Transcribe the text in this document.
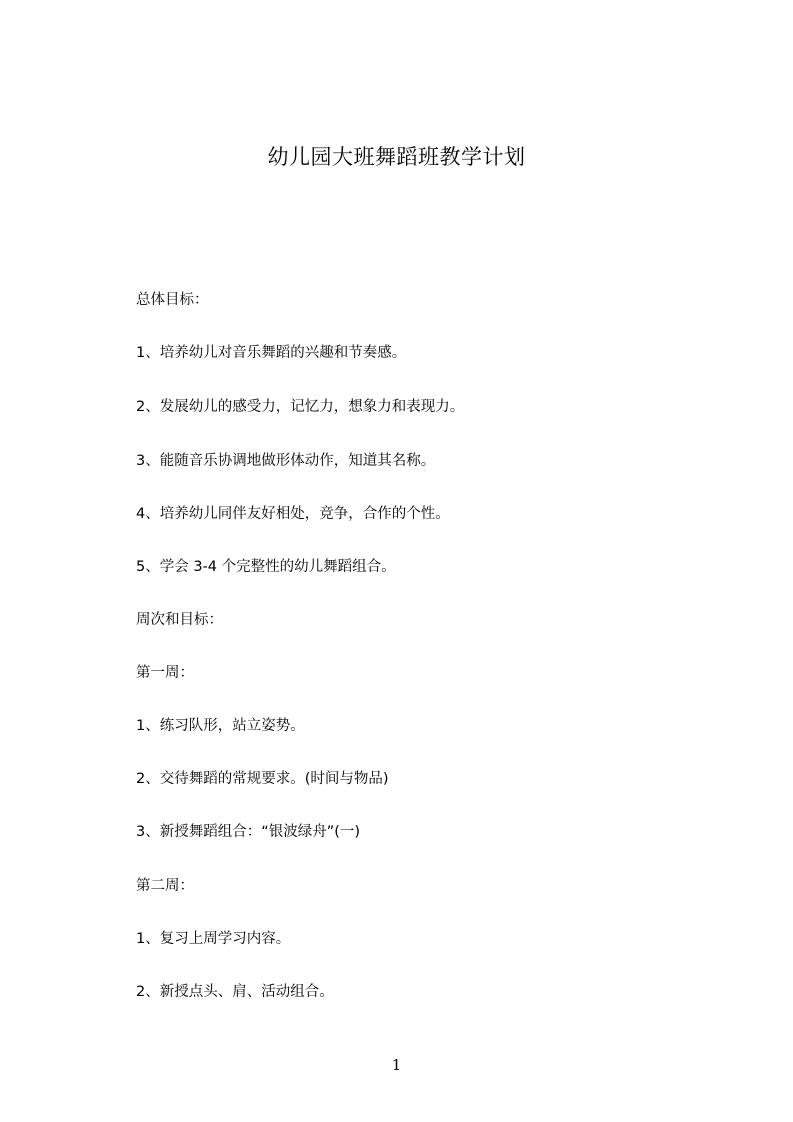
幼儿园大班舞蹈班教学计划
总体目标：
1、培养幼儿对音乐舞蹈的兴趣和节奏感。
2、发展幼儿的感受力，记忆力，想象力和表现力。
3、能随音乐协调地做形体动作，知道其名称。
4、培养幼儿同伴友好相处，竞争，合作的个性。
5、学会 3-4 个完整性的幼儿舞蹈组合。
周次和目标：
第一周：
1、练习队形，站立姿势。
2、交待舞蹈的常规要求。(时间与物品)
3、新授舞蹈组合：“银波绿舟”(一)
第二周：
1、复习上周学习内容。
2、新授点头、肩、活动组合。
1
